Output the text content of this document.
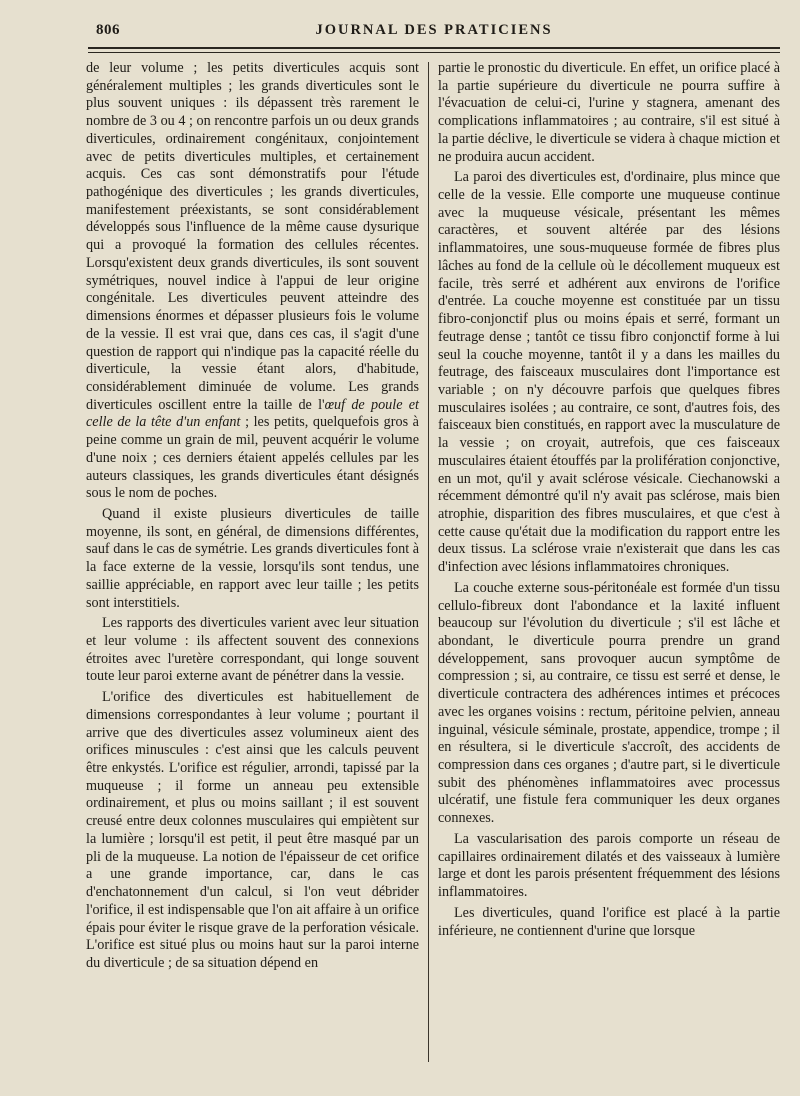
806	JOURNAL DES PRATICIENS

de leur volume ; les petits diverticules acquis sont généralement multiples ; les grands diverticules sont le plus souvent uniques : ils dépassent très rarement le nombre de 3 ou 4 ; on rencontre parfois un ou deux grands diverticules, ordinairement congénitaux, conjointement avec de petits diverticules multiples, et certainement acquis. Ces cas sont démonstratifs pour l'étude pathogénique des diverticules ; les grands diverticules, manifestement préexistants, se sont considérablement développés sous l'influence de la même cause dysurique qui a provoqué la formation des cellules récentes. Lorsqu'existent deux grands diverticules, ils sont souvent symétriques, nouvel indice à l'appui de leur origine congénitale. Les diverticules peuvent atteindre des dimensions énormes et dépasser plusieurs fois le volume de la vessie. Il est vrai que, dans ces cas, il s'agit d'une question de rapport qui n'indique pas la capacité réelle du diverticule, la vessie étant alors, d'habitude, considérablement diminuée de volume. Les grands diverticules oscillent entre la taille de l'œuf de poule et celle de la tête d'un enfant ; les petits, quelquefois gros à peine comme un grain de mil, peuvent acquérir le volume d'une noix ; ces derniers étaient appelés cellules par les auteurs classiques, les grands diverticules étant désignés sous le nom de poches.

Quand il existe plusieurs diverticules de taille moyenne, ils sont, en général, de dimensions différentes, sauf dans le cas de symétrie. Les grands diverticules font à la face externe de la vessie, lorsqu'ils sont tendus, une saillie appréciable, en rapport avec leur taille ; les petits sont interstitiels.

Les rapports des diverticules varient avec leur situation et leur volume : ils affectent souvent des connexions étroites avec l'uretère correspondant, qui longe souvent toute leur paroi externe avant de pénétrer dans la vessie.

L'orifice des diverticules est habituellement de dimensions correspondantes à leur volume ; pourtant il arrive que des diverticules assez volumineux aient des orifices minuscules : c'est ainsi que les calculs peuvent être enkystés. L'orifice est régulier, arrondi, tapissé par la muqueuse ; il forme un anneau peu extensible ordinairement, et plus ou moins saillant ; il est souvent creusé entre deux colonnes musculaires qui empiètent sur la lumière ; lorsqu'il est petit, il peut être masqué par un pli de la muqueuse. La notion de l'épaisseur de cet orifice a une grande importance, car, dans le cas d'enchatonnement d'un calcul, si l'on veut débrider l'orifice, il est indispensable que l'on ait affaire à un orifice épais pour éviter le risque grave de la perforation vésicale. L'orifice est situé plus ou moins haut sur la paroi interne du diverticule ; de sa situation dépend en

partie le pronostic du diverticule. En effet, un orifice placé à la partie supérieure du diverticule ne pourra suffire à l'évacuation de celui-ci, l'urine y stagnera, amenant des complications inflammatoires ; au contraire, s'il est situé à la partie déclive, le diverticule se videra à chaque miction et ne produira aucun accident.

La paroi des diverticules est, d'ordinaire, plus mince que celle de la vessie. Elle comporte une muqueuse continue avec la muqueuse vésicale, présentant les mêmes caractères, et souvent altérée par des lésions inflammatoires, une sous-muqueuse formée de fibres plus lâches au fond de la cellule où le décollement muqueux est facile, très serré et adhérent aux environs de l'orifice d'entrée. La couche moyenne est constituée par un tissu fibro-conjonctif plus ou moins épais et serré, formant un feutrage dense ; tantôt ce tissu fibro conjonctif forme à lui seul la couche moyenne, tantôt il y a dans les mailles du feutrage, des faisceaux musculaires dont l'importance est variable ; on n'y découvre parfois que quelques fibres musculaires isolées ; au contraire, ce sont, d'autres fois, des faisceaux bien constitués, en rapport avec la musculature de la vessie ; on croyait, autrefois, que ces faisceaux musculaires étaient étouffés par la prolifération conjonctive, en un mot, qu'il y avait sclérose vésicale. Ciechanowski a récemment démontré qu'il n'y avait pas sclérose, mais bien atrophie, disparition des fibres musculaires, et que c'est à cette cause qu'était due la modification du rapport entre les deux tissus. La sclérose vraie n'existerait que dans les cas d'infection avec lésions inflammatoires chroniques.

La couche externe sous-péritonéale est formée d'un tissu cellulo-fibreux dont l'abondance et la laxité influent beaucoup sur l'évolution du diverticule ; s'il est lâche et abondant, le diverticule pourra prendre un grand développement, sans provoquer aucun symptôme de compression ; si, au contraire, ce tissu est serré et dense, le diverticule contractera des adhérences intimes et précoces avec les organes voisins : rectum, péritoine pelvien, anneau inguinal, vésicule séminale, prostate, appendice, trompe ; il en résultera, si le diverticule s'accroît, des accidents de compression dans ces organes ; d'autre part, si le diverticule subit des phénomènes inflammatoires avec processus ulcératif, une fistule fera communiquer les deux organes connexes.

La vascularisation des parois comporte un réseau de capillaires ordinairement dilatés et des vaisseaux à lumière large et dont les parois présentent fréquemment des lésions inflammatoires.

Les diverticules, quand l'orifice est placé à la partie inférieure, ne contiennent d'urine que lorsque
